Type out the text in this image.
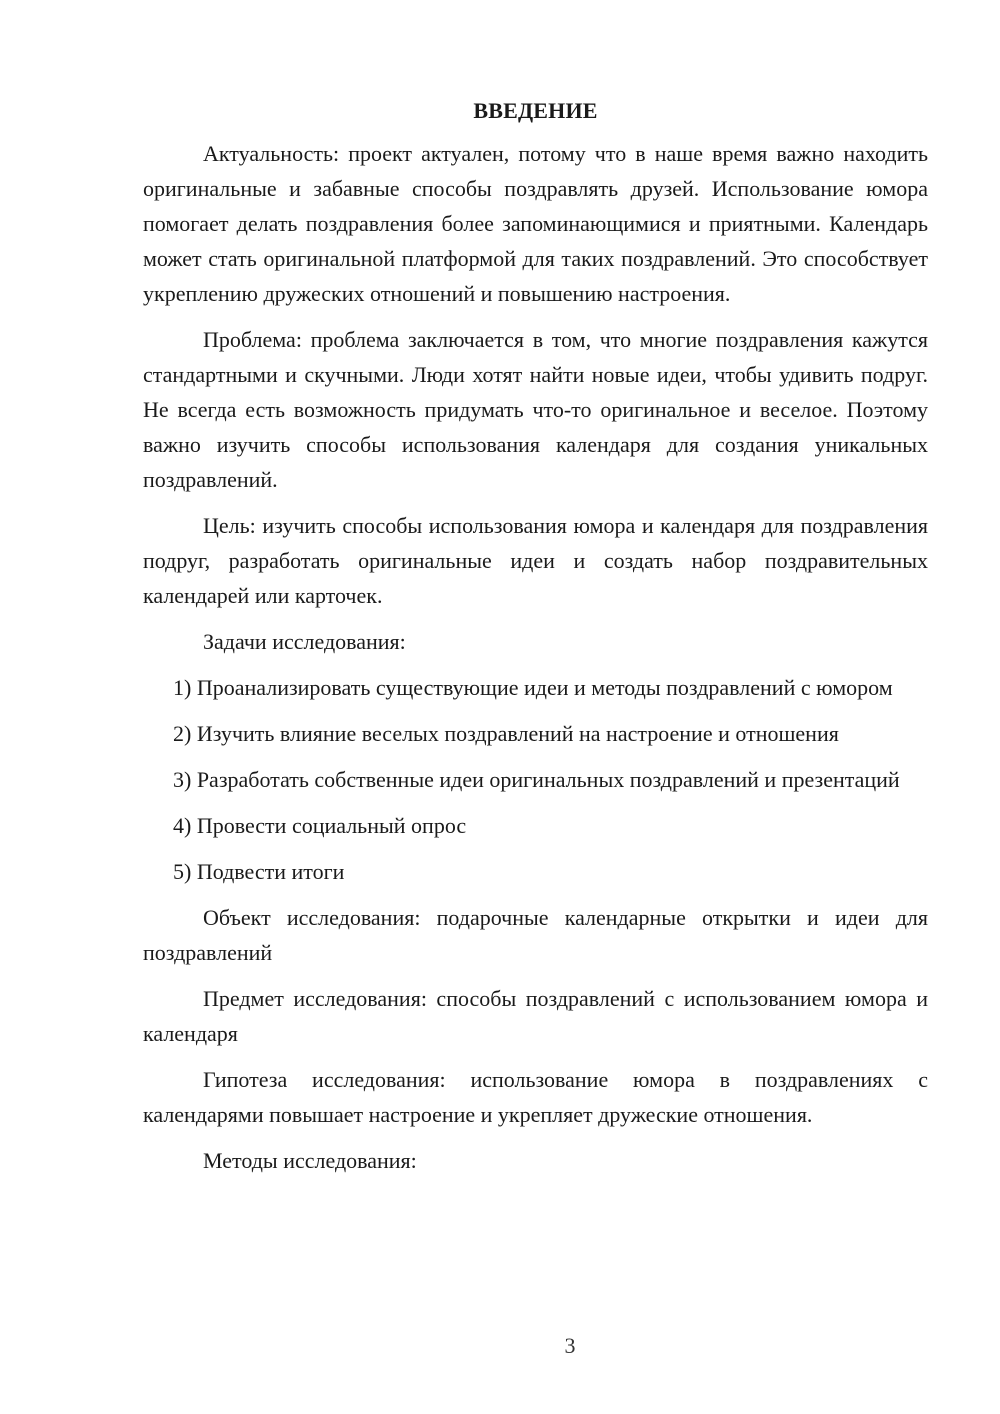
ВВЕДЕНИЕ

Актуальность: проект актуален, потому что в наше время важно находить оригинальные и забавные способы поздравлять друзей. Использование юмора помогает делать поздравления более запоминающимися и приятными. Календарь может стать оригинальной платформой для таких поздравлений. Это способствует укреплению дружеских отношений и повышению настроения.

Проблема: проблема заключается в том, что многие поздравления кажутся стандартными и скучными. Люди хотят найти новые идеи, чтобы удивить подруг. Не всегда есть возможность придумать что-то оригинальное и веселое. Поэтому важно изучить способы использования календаря для создания уникальных поздравлений.

Цель: изучить способы использования юмора и календаря для поздравления подруг, разработать оригинальные идеи и создать набор поздравительных календарей или карточек.

Задачи исследования:

1) Проанализировать существующие идеи и методы поздравлений с юмором

2) Изучить влияние веселых поздравлений на настроение и отношения

3) Разработать собственные идеи оригинальных поздравлений и презентаций

4) Провести социальный опрос

5) Подвести итоги

Объект исследования: подарочные календарные открытки и идеи для поздравлений

Предмет исследования: способы поздравлений с использованием юмора и календаря

Гипотеза исследования: использование юмора в поздравлениях с календарями повышает настроение и укрепляет дружеские отношения.

Методы исследования:

3
